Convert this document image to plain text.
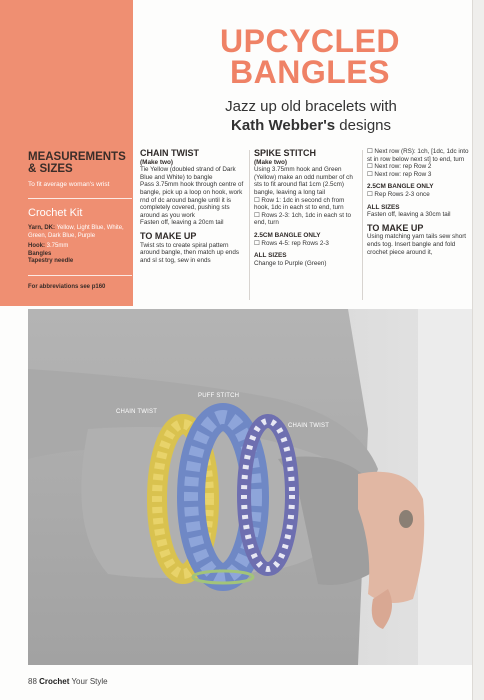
MEASUREMENTS & SIZES
To fit average woman's wrist
Crochet Kit
Yarn, DK: Yellow, Light Blue, White, Green, Dark Blue, Purple
Hook: 3.75mm
Bangles
Tapestry needle
For abbreviations see p160
UPCYCLED
BANGLES
Jazz up old bracelets with
Kath Webber's designs
CHAIN TWIST
(Make two)

Tie Yellow (doubled strand of Dark Blue and White) to bangle

Pass 3.75mm hook through centre of bangle, pick up a loop on hook, work rnd of dc around bangle until it is completely covered, pushing sts around as you work

Fasten off, leaving a 20cm tail

TO MAKE UP

Twist sts to create spiral pattern around bangle, then match up ends and sl st tog, sew in ends

SPIKE STITCH
(Make two)

Using 3.75mm hook and Green (Yellow) make an odd number of ch sts to fit around flat 1cm (2.5cm) bangle, leaving a long tail

☐ Row 1: 1dc in second ch from hook, 1dc in each st to end, turn

☐ Rows 2-3: 1ch, 1dc in each st to end, turn

2.5CM BANGLE ONLY

☐ Rows 4-5: rep Rows 2-3

ALL SIZES

Change to Purple (Green)

☐ Next row (RS): 1ch, [1dc, 1dc into st in row below next st] to end, turn

☐ Next row: rep Row 2

☐ Next row: rep Row 3

2.5CM BANGLE ONLY

☐ Rep Rows 2-3 once

ALL SIZES

Fasten off, leaving a 30cm tail

TO MAKE UP

Using matching yarn tails sew short ends tog. Insert bangle and fold crochet piece around it,

CHAIN TWIST
PUFF STITCH
CHAIN TWIST
88 Crochet Your Style
